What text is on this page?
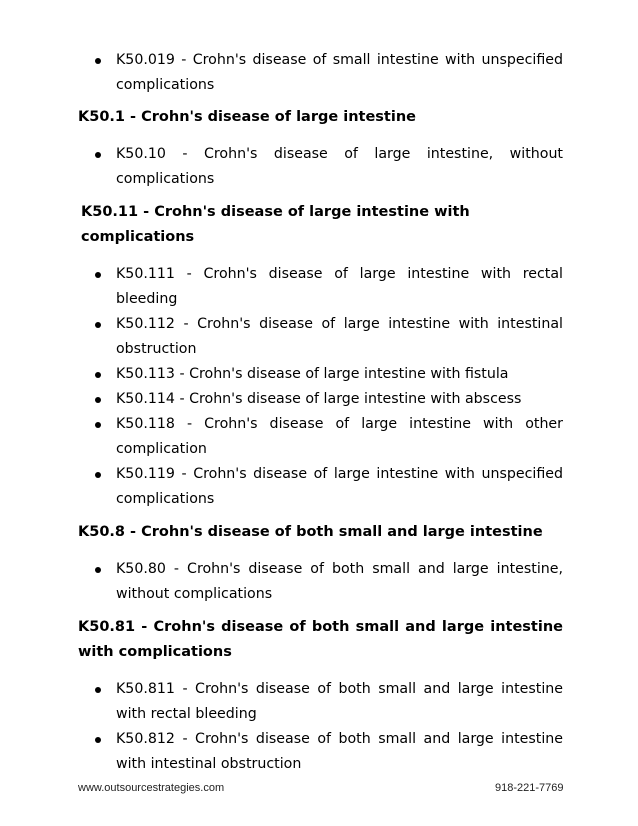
K50.019 - Crohn's disease of small intestine with unspecified complications

K50.1 - Crohn's disease of large intestine

K50.10 - Crohn's disease of large intestine, without complications

K50.11 - Crohn's disease of large intestine with complications

K50.111 - Crohn's disease of large intestine with rectal bleeding
K50.112 - Crohn's disease of large intestine with intestinal obstruction
K50.113 - Crohn's disease of large intestine with fistula
K50.114 - Crohn's disease of large intestine with abscess
K50.118 - Crohn's disease of large intestine with other complication
K50.119 - Crohn's disease of large intestine with unspecified complications

K50.8 - Crohn's disease of both small and large intestine

K50.80 - Crohn's disease of both small and large intestine, without complications

K50.81 - Crohn's disease of both small and large intestine with complications

K50.811 - Crohn's disease of both small and large intestine with rectal bleeding
K50.812 - Crohn's disease of both small and large intestine with intestinal obstruction
www.outsourcestrategies.com	918-221-7769
